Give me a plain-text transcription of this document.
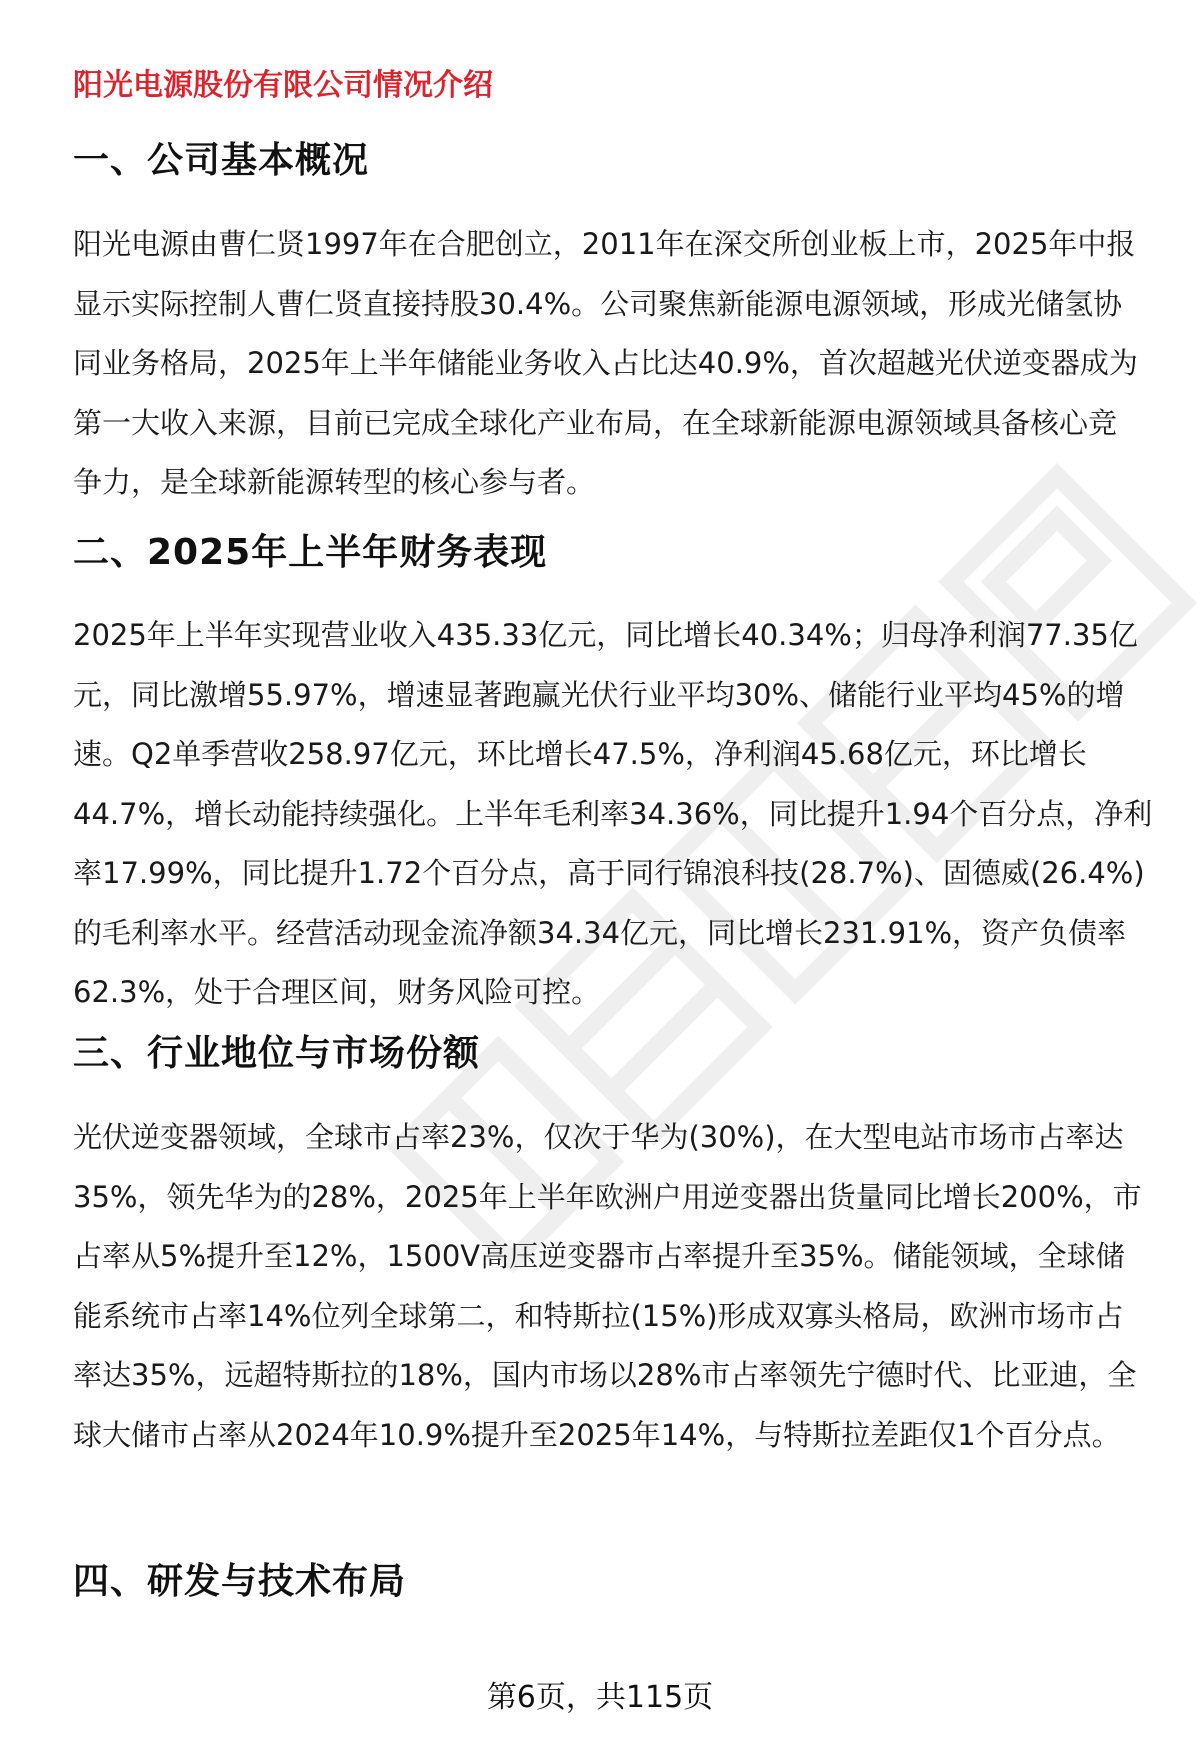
阳光电源股份有限公司情况介绍
一、公司基本概况
阳光电源由曹仁贤1997年在合肥创立，2011年在深交所创业板上市，2025年中报
显示实际控制人曹仁贤直接持股30.4%。公司聚焦新能源电源领域，形成光储氢协
同业务格局，2025年上半年储能业务收入占比达40.9%，首次超越光伏逆变器成为
第一大收入来源，目前已完成全球化产业布局，在全球新能源电源领域具备核心竞
争力，是全球新能源转型的核心参与者。
二、2025年上半年财务表现
2025年上半年实现营业收入435.33亿元，同比增长40.34%；归母净利润77.35亿
元，同比激增55.97%，增速显著跑赢光伏行业平均30%、储能行业平均45%的增
速。Q2单季营收258.97亿元，环比增长47.5%，净利润45.68亿元，环比增长
44.7%，增长动能持续强化。上半年毛利率34.36%，同比提升1.94个百分点，净利
率17.99%，同比提升1.72个百分点，高于同行锦浪科技(28.7%)、固德威(26.4%)
的毛利率水平。经营活动现金流净额34.34亿元，同比增长231.91%，资产负债率
62.3%，处于合理区间，财务风险可控。
三、行业地位与市场份额
光伏逆变器领域，全球市占率23%，仅次于华为(30%)，在大型电站市场市占率达
35%，领先华为的28%，2025年上半年欧洲户用逆变器出货量同比增长200%，市
占率从5%提升至12%，1500V高压逆变器市占率提升至35%。储能领域，全球储
能系统市占率14%位列全球第二，和特斯拉(15%)形成双寡头格局，欧洲市场市占
率达35%，远超特斯拉的18%，国内市场以28%市占率领先宁德时代、比亚迪，全
球大储市占率从2024年10.9%提升至2025年14%，与特斯拉差距仅1个百分点。
四、研发与技术布局
第6页，共115页
